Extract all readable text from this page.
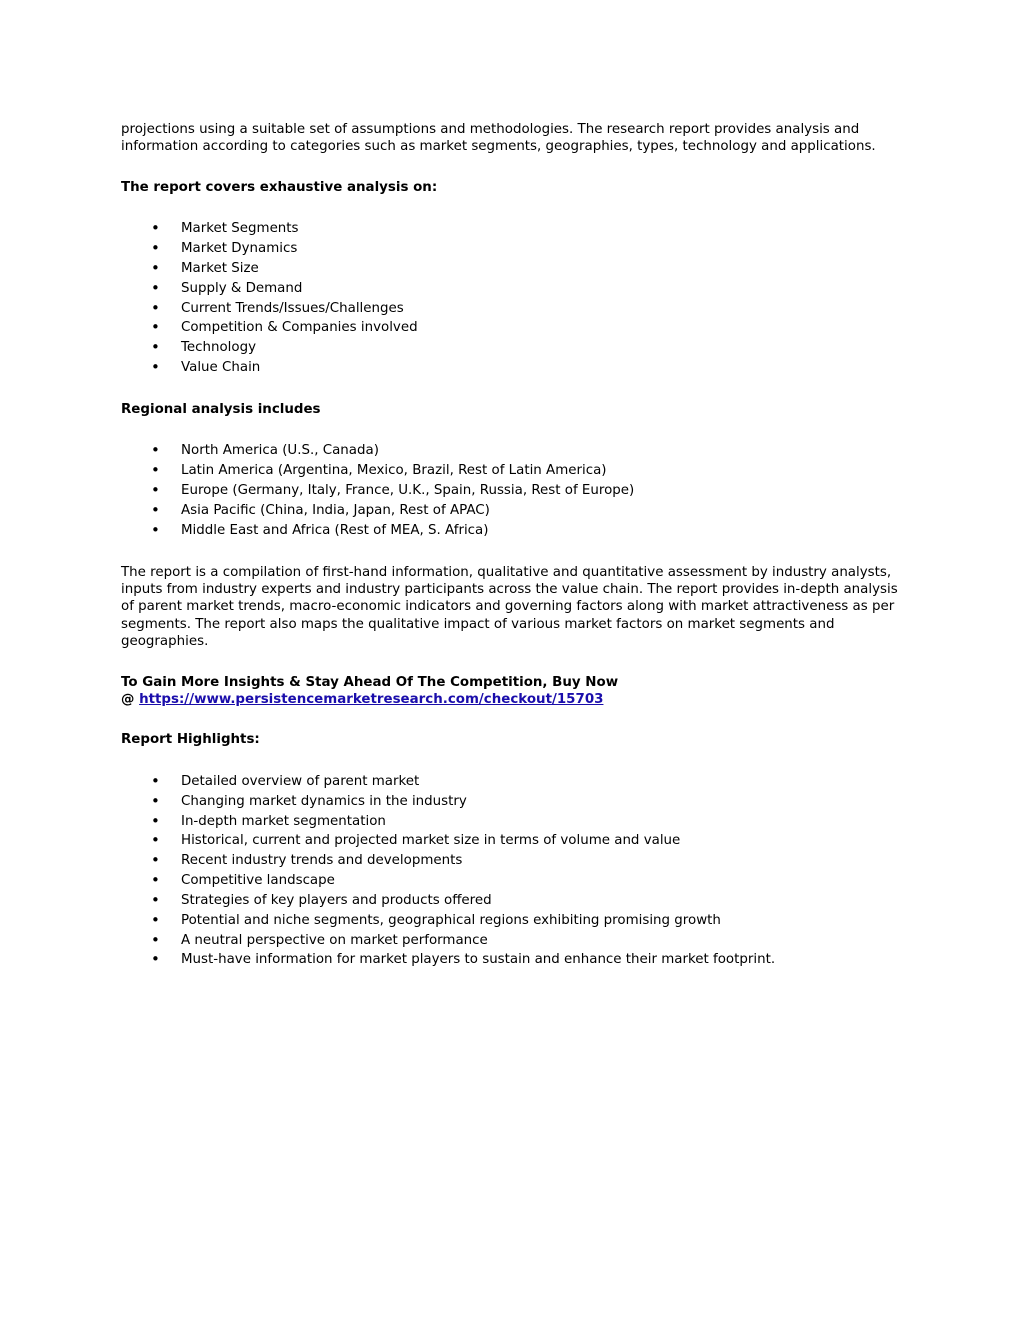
projections using a suitable set of assumptions and methodologies. The research report provides analysis and information according to categories such as market segments, geographies, types, technology and applications.

The report covers exhaustive analysis on:

• Market Segments
• Market Dynamics
• Market Size
• Supply & Demand
• Current Trends/Issues/Challenges
• Competition & Companies involved
• Technology
• Value Chain

Regional analysis includes

• North America (U.S., Canada)
• Latin America (Argentina, Mexico, Brazil, Rest of Latin America)
• Europe (Germany, Italy, France, U.K., Spain, Russia, Rest of Europe)
• Asia Pacific (China, India, Japan, Rest of APAC)
• Middle East and Africa (Rest of MEA, S. Africa)

The report is a compilation of first-hand information, qualitative and quantitative assessment by industry analysts, inputs from industry experts and industry participants across the value chain. The report provides in-depth analysis of parent market trends, macro-economic indicators and governing factors along with market attractiveness as per segments. The report also maps the qualitative impact of various market factors on market segments and geographies.

To Gain More Insights & Stay Ahead Of The Competition, Buy Now
@ https://www.persistencemarketresearch.com/checkout/15703

Report Highlights:

• Detailed overview of parent market
• Changing market dynamics in the industry
• In-depth market segmentation
• Historical, current and projected market size in terms of volume and value
• Recent industry trends and developments
• Competitive landscape
• Strategies of key players and products offered
• Potential and niche segments, geographical regions exhibiting promising growth
• A neutral perspective on market performance
• Must-have information for market players to sustain and enhance their market footprint.
